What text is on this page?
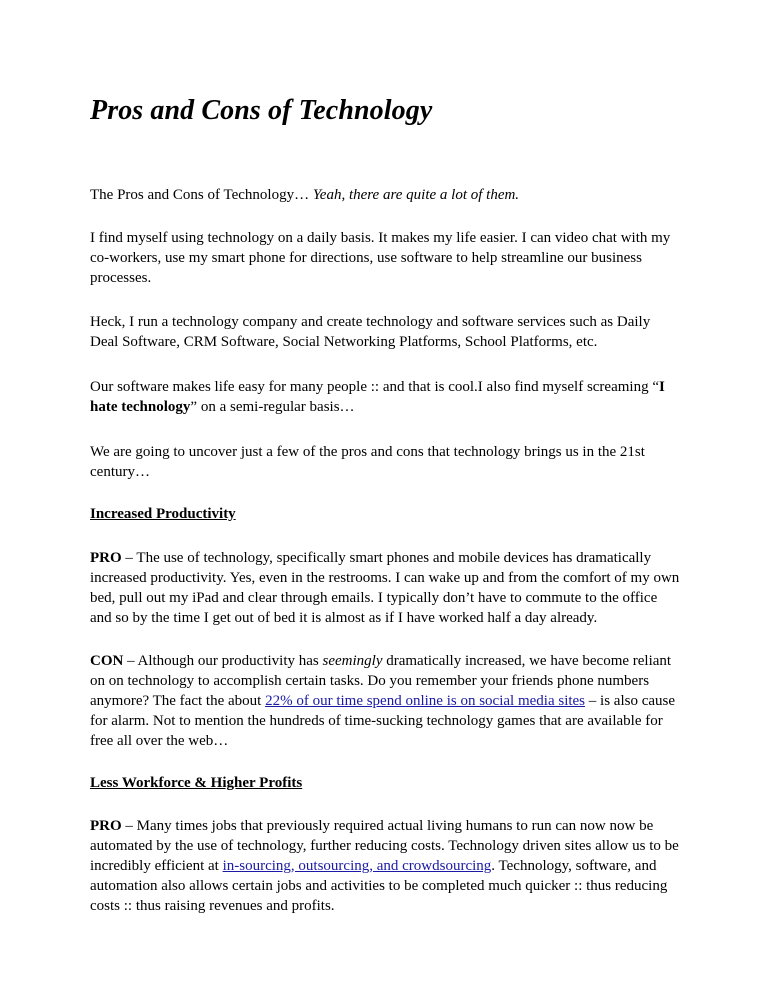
Pros and Cons of Technology

The Pros and Cons of Technology… Yeah, there are quite a lot of them.

I find myself using technology on a daily basis. It makes my life easier. I can video chat with my co-workers, use my smart phone for directions, use software to help streamline our business processes.

Heck, I run a technology company and create technology and software services such as Daily Deal Software, CRM Software, Social Networking Platforms, School Platforms, etc.

Our software makes life easy for many people :: and that is cool.I also find myself screaming “I hate technology” on a semi-regular basis…

We are going to uncover just a few of the pros and cons that technology brings us in the 21st century…

Increased Productivity

PRO – The use of technology, specifically smart phones and mobile devices has dramatically increased productivity. Yes, even in the restrooms. I can wake up and from the comfort of my own bed, pull out my iPad and clear through emails. I typically don’t have to commute to the office and so by the time I get out of bed it is almost as if I have worked half a day already.

CON – Although our productivity has seemingly dramatically increased, we have become reliant on on technology to accomplish certain tasks. Do you remember your friends phone numbers anymore? The fact the about 22% of our time spend online is on social media sites – is also cause for alarm. Not to mention the hundreds of time-sucking technology games that are available for free all over the web…

Less Workforce & Higher Profits

PRO – Many times jobs that previously required actual living humans to run can now now be automated by the use of technology, further reducing costs. Technology driven sites allow us to be incredibly efficient at in-sourcing, outsourcing, and crowdsourcing. Technology, software, and automation also allows certain jobs and activities to be completed much quicker :: thus reducing costs :: thus raising revenues and profits.
